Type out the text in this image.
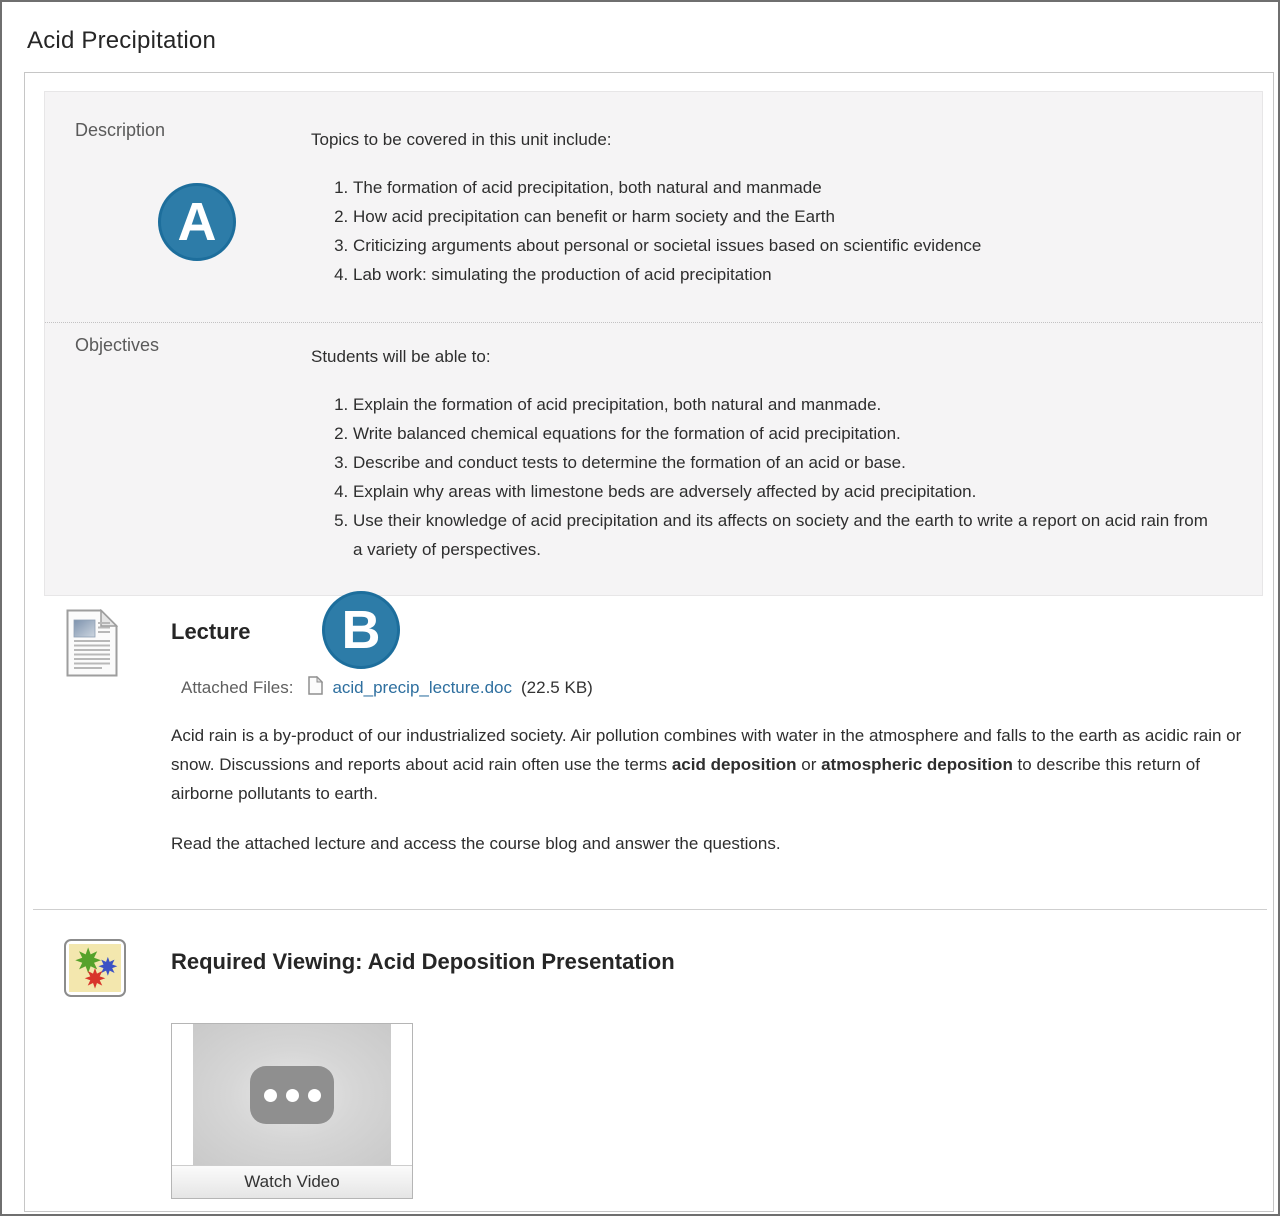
Acid Precipitation
Description
A
Topics to be covered in this unit include:
1. The formation of acid precipitation, both natural and manmade
2. How acid precipitation can benefit or harm society and the Earth
3. Criticizing arguments about personal or societal issues based on scientific evidence
4. Lab work: simulating the production of acid precipitation
Objectives
Students will be able to:
1. Explain the formation of acid precipitation, both natural and manmade.
2. Write balanced chemical equations for the formation of acid precipitation.
3. Describe and conduct tests to determine the formation of an acid or base.
4. Explain why areas with limestone beds are adversely affected by acid precipitation.
5. Use their knowledge of acid precipitation and its affects on society and the earth to write a report on acid rain from a variety of perspectives.
Lecture	B
Attached Files: acid_precip_lecture.doc (22.5 KB)
Acid rain is a by-product of our industrialized society. Air pollution combines with water in the atmosphere and falls to the earth as acidic rain or snow. Discussions and reports about acid rain often use the terms acid deposition or atmospheric deposition to describe this return of airborne pollutants to earth.
Read the attached lecture and access the course blog and answer the questions.
Required Viewing: Acid Deposition Presentation
Watch Video
